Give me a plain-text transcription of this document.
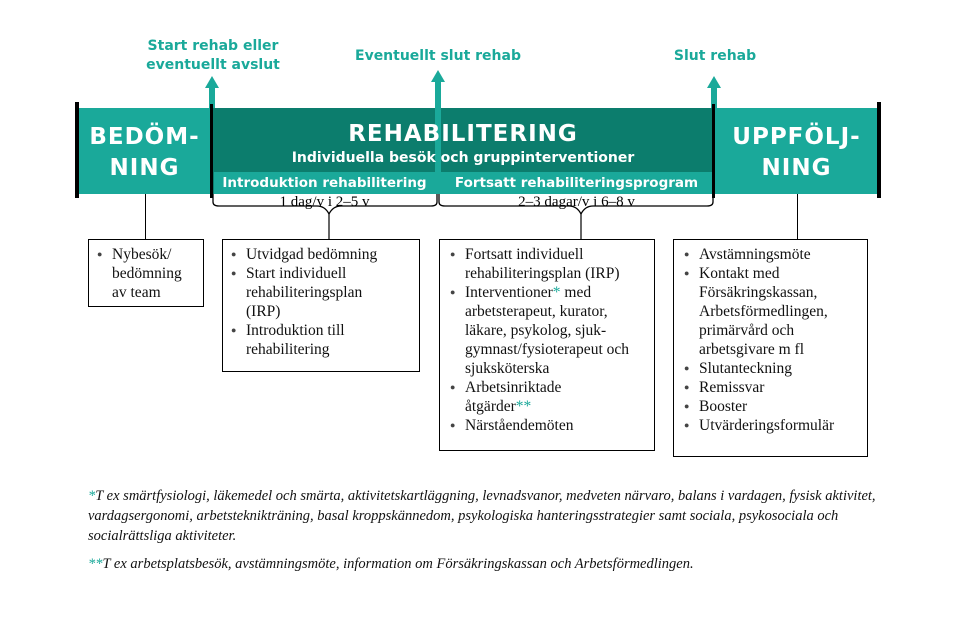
Start rehab eller
eventuellt avslut
Eventuellt slut rehab	Slut rehab
BEDÖM-
NING
REHABILITERING
Individuella besök och gruppinterventioner
Introduktion rehabilitering	Fortsatt rehabiliteringsprogram
UPPFÖLJ-
NING
1 dag/v i 2–5 v	2–3 dagar/v i 6–8 v
● Nybesök/ bedömning av team
● Utvidgad bedömning
● Start individuell rehabiliteringsplan (IRP)
● Introduktion till rehabilitering
● Fortsatt individuell rehabiliteringsplan (IRP)
● Interventioner* med arbetsterapeut, kurator, läkare, psykolog, sjuk-gymnast/fysioterapeut och sjuksköterska
● Arbetsinriktade åtgärder**
● Närståendemöten
● Avstämningsmöte
● Kontakt med Försäkringskassan, Arbetsförmedlingen, primärvård och arbetsgivare m fl
● Slutanteckning
● Remissvar
● Booster
● Utvärderingsformulär
*T ex smärtfysiologi, läkemedel och smärta, aktivitetskartläggning, levnadsvanor, medveten närvaro, balans i vardagen, fysisk aktivitet, vardagsergonomi, arbetsteknikträning, basal kroppskännedom, psykologiska hanteringsstrategier samt sociala, psykosociala och socialrättsliga aktiviteter.
**T ex arbetsplatsbesök, avstämningsmöte, information om Försäkringskassan och Arbetsförmedlingen.
